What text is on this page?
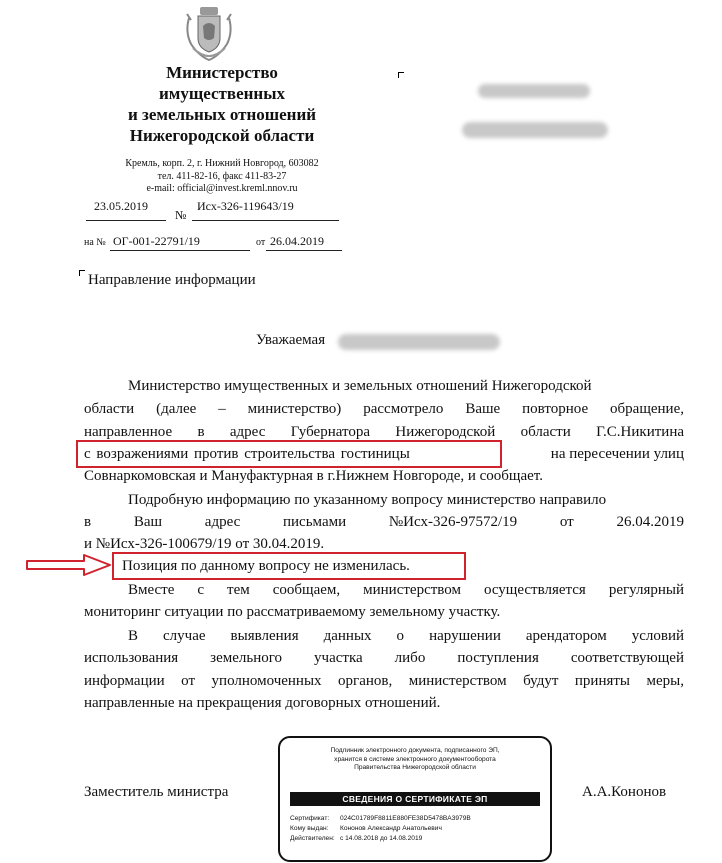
Министерство
имущественных
и земельных отношений
Нижегородской области
Кремль, корп. 2, г. Нижний Новгород, 603082
тел. 411-82-16, факс 411-83-27
e-mail: official@invest.kreml.nnov.ru
23.05.2019
№
Исх-326-119643/19
на № ОГ-001-22791/19	от 26.04.2019
Направление информации
Уважаемая
Министерство имущественных и земельных отношений Нижегородской
области (далее – министерство) рассмотрело Ваше повторное обращение,
направленное в адрес Губернатора Нижегородской области Г.С.Никитина
с возражениями против строительства гостиницы	на пересечении улиц
Совнаркомовская и Мануфактурная в г.Нижнем Новгороде, и сообщает.
Подробную информацию по указанному вопросу министерство направило
в	Ваш	адрес	письмами	№Исх-326-97572/19	от	26.04.2019
и №Исх-326-100679/19 от 30.04.2019.
Позиция по данному вопросу не изменилась.
Вместе с тем сообщаем, министерством осуществляется регулярный
мониторинг ситуации по рассматриваемому земельному участку.
В случае выявления данных о нарушении арендатором условий
использования земельного участка либо поступления соответствующей
информации от уполномоченных органов, министерством будут приняты меры,
направленные на прекращения договорных отношений.
Заместитель министра	А.А.Кононов
Подлинник электронного документа, подписанного ЭП,
хранится в системе электронного документооборота
Правительства Нижегородской области
СВЕДЕНИЯ О СЕРТИФИКАТЕ ЭП
Сертификат: 024C01789F8811E880FE38D5478BA3979B
Кому выдан: Кононов Александр Анатольевич
Действителен: с 14.08.2018 до 14.08.2019
